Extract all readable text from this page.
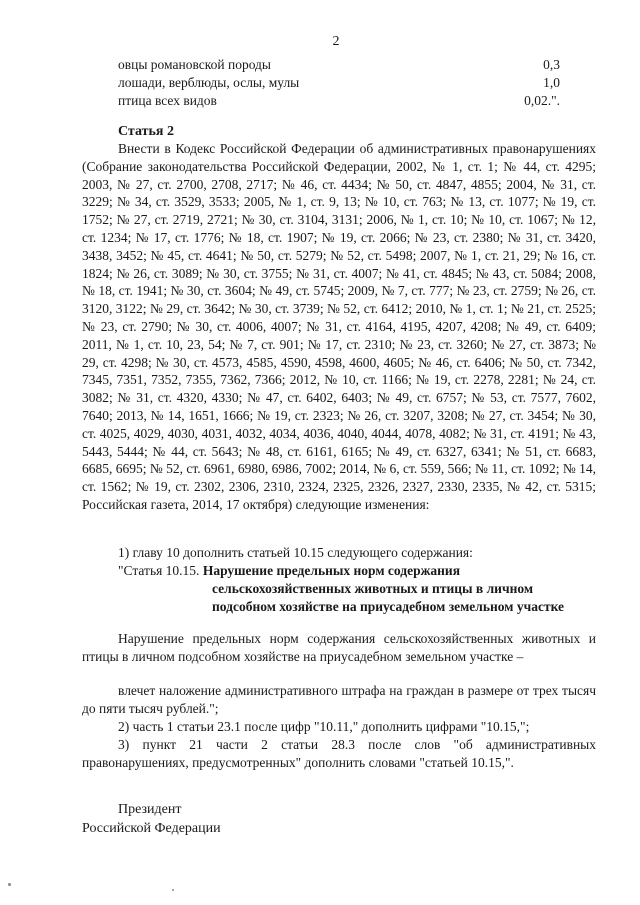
2
овцы романовской породы	0,3
лошади, верблюды, ослы, мулы	1,0
птица всех видов	0,02.".
Статья 2
Внести в Кодекс Российской Федерации об административных правонарушениях (Собрание законодательства Российской Федерации, 2002, № 1, ст. 1; № 44, ст. 4295; 2003, № 27, ст. 2700, 2708, 2717; № 46, ст. 4434; № 50, ст. 4847, 4855; 2004, № 31, ст. 3229; № 34, ст. 3529, 3533; 2005, № 1, ст. 9, 13; № 10, ст. 763; № 13, ст. 1077; № 19, ст. 1752; № 27, ст. 2719, 2721; № 30, ст. 3104, 3131; 2006, № 1, ст. 10; № 10, ст. 1067; № 12, ст. 1234; № 17, ст. 1776; № 18, ст. 1907; № 19, ст. 2066; № 23, ст. 2380; № 31, ст. 3420, 3438, 3452; № 45, ст. 4641; № 50, ст. 5279; № 52, ст. 5498; 2007, № 1, ст. 21, 29; № 16, ст. 1824; № 26, ст. 3089; № 30, ст. 3755; № 31, ст. 4007; № 41, ст. 4845; № 43, ст. 5084; 2008, № 18, ст. 1941; № 30, ст. 3604; № 49, ст. 5745; 2009, № 7, ст. 777; № 23, ст. 2759; № 26, ст. 3120, 3122; № 29, ст. 3642; № 30, ст. 3739; № 52, ст. 6412; 2010, № 1, ст. 1; № 21, ст. 2525; № 23, ст. 2790; № 30, ст. 4006, 4007; № 31, ст. 4164, 4195, 4207, 4208; № 49, ст. 6409; 2011, № 1, ст. 10, 23, 54; № 7, ст. 901; № 17, ст. 2310; № 23, ст. 3260; № 27, ст. 3873; № 29, ст. 4298; № 30, ст. 4573, 4585, 4590, 4598, 4600, 4605; № 46, ст. 6406; № 50, ст. 7342, 7345, 7351, 7352, 7355, 7362, 7366; 2012, № 10, ст. 1166; № 19, ст. 2278, 2281; № 24, ст. 3082; № 31, ст. 4320, 4330; № 47, ст. 6402, 6403; № 49, ст. 6757; № 53, ст. 7577, 7602, 7640; 2013, № 14, 1651, 1666; № 19, ст. 2323; № 26, ст. 3207, 3208; № 27, ст. 3454; № 30, ст. 4025, 4029, 4030, 4031, 4032, 4034, 4036, 4040, 4044, 4078, 4082; № 31, ст. 4191; № 43, 5443, 5444; № 44, ст. 5643; № 48, ст. 6161, 6165; № 49, ст. 6327, 6341; № 51, ст. 6683, 6685, 6695; № 52, ст. 6961, 6980, 6986, 7002; 2014, № 6, ст. 559, 566; № 11, ст. 1092; № 14, ст. 1562; № 19, ст. 2302, 2306, 2310, 2324, 2325, 2326, 2327, 2330, 2335, № 42, ст. 5315; Российская газета, 2014, 17 октября) следующие изменения:
1) главу 10 дополнить статьей 10.15 следующего содержания:
"Статья 10.15. Нарушение предельных норм содержания
сельскохозяйственных животных и птицы в личном
подсобном хозяйстве на приусадебном земельном участке
Нарушение предельных норм содержания сельскохозяйственных животных и птицы в личном подсобном хозяйстве на приусадебном земельном участке –
влечет наложение административного штрафа на граждан в размере от трех тысяч до пяти тысяч рублей.";
2) часть 1 статьи 23.1 после цифр "10.11," дополнить цифрами "10.15,";
3) пункт 21 части 2 статьи 28.3 после слов "об административных правонарушениях, предусмотренных" дополнить словами "статьей 10.15,".
Президент
Российской Федерации
